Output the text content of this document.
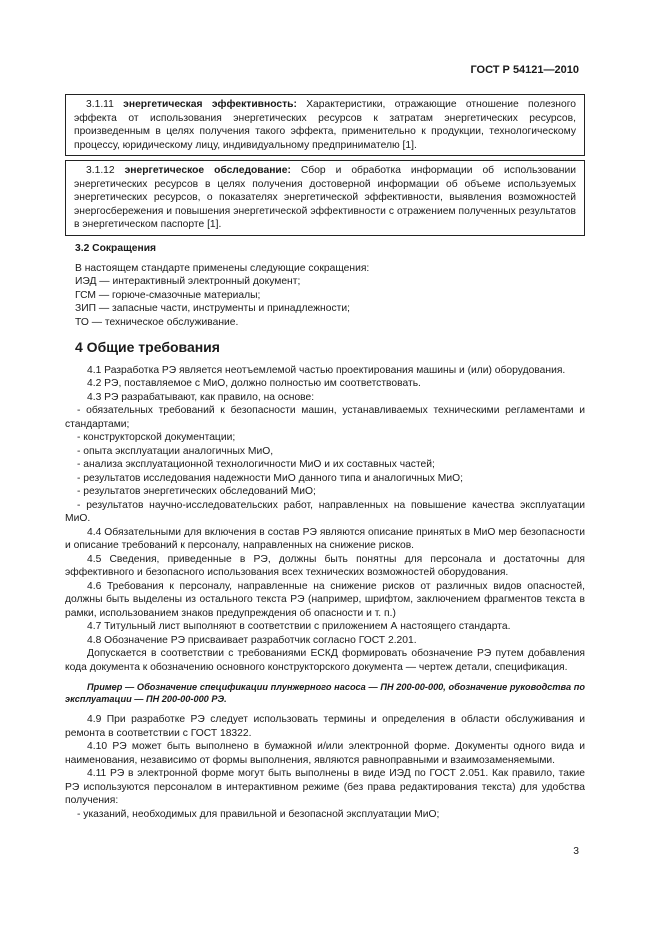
ГОСТ Р 54121—2010

3.1.11 энергетическая эффективность: Характеристики, отражающие отношение полезного эффекта от использования энергетических ресурсов к затратам энергетических ресурсов, произведенным в целях получения такого эффекта, применительно к продукции, технологическому процессу, юридическому лицу, индивидуальному предпринимателю [1].

3.1.12 энергетическое обследование: Сбор и обработка информации об использовании энергетических ресурсов в целях получения достоверной информации об объеме используемых энергетических ресурсов, о показателях энергетической эффективности, выявления возможностей энергосбережения и повышения энергетической эффективности с отражением полученных результатов в энергетическом паспорте [1].

3.2 Сокращения

В настоящем стандарте применены следующие сокращения:

ИЭД — интерактивный электронный документ;

ГСМ — горюче-смазочные материалы;

ЗИП — запасные части, инструменты и принадлежности;

ТО — техническое обслуживание.

4 Общие требования

4.1 Разработка РЭ является неотъемлемой частью проектирования машины и (или) оборудования.

4.2 РЭ, поставляемое с МиО, должно полностью им соответствовать.

4.3 РЭ разрабатывают, как правило, на основе:

- обязательных требований к безопасности машин, устанавливаемых техническими регламентами и стандартами;

- конструкторской документации;

- опыта эксплуатации аналогичных МиО,

- анализа эксплуатационной технологичности МиО и их составных частей;

- результатов исследования надежности МиО данного типа и аналогичных МиО;

- результатов энергетических обследований МиО;

- результатов научно-исследовательских работ, направленных на повышение качества эксплуатации МиО.

4.4 Обязательными для включения в состав РЭ являются описание принятых в МиО мер безопасности и описание требований к персоналу, направленных на снижение рисков.

4.5 Сведения, приведенные в РЭ, должны быть понятны для персонала и достаточны для эффективного и безопасного использования всех технических возможностей оборудования.

4.6 Требования к персоналу, направленные на снижение рисков от различных видов опасностей, должны быть выделены из остального текста РЭ (например, шрифтом, заключением фрагментов текста в рамки, использованием знаков предупреждения об опасности и т. п.)

4.7 Титульный лист выполняют в соответствии с приложением А настоящего стандарта.

4.8 Обозначение РЭ присваивает разработчик согласно ГОСТ 2.201.

Допускается в соответствии с требованиями ЕСКД формировать обозначение РЭ путем добавления кода документа к обозначению основного конструкторского документа — чертеж детали, спецификация.

Пример — Обозначение спецификации плунжерного насоса — ПН 200-00-000, обозначение руководства по эксплуатации — ПН 200-00-000 РЭ.

4.9 При разработке РЭ следует использовать термины и определения в области обслуживания и ремонта в соответствии с ГОСТ 18322.

4.10 РЭ может быть выполнено в бумажной и/или электронной форме. Документы одного вида и наименования, независимо от формы выполнения, являются равноправными и взаимозаменяемыми.

4.11 РЭ в электронной форме могут быть выполнены в виде ИЭД по ГОСТ 2.051. Как правило, такие РЭ используются персоналом в интерактивном режиме (без права редактирования текста) для удобства получения:

- указаний, необходимых для правильной и безопасной эксплуатации МиО;

3
